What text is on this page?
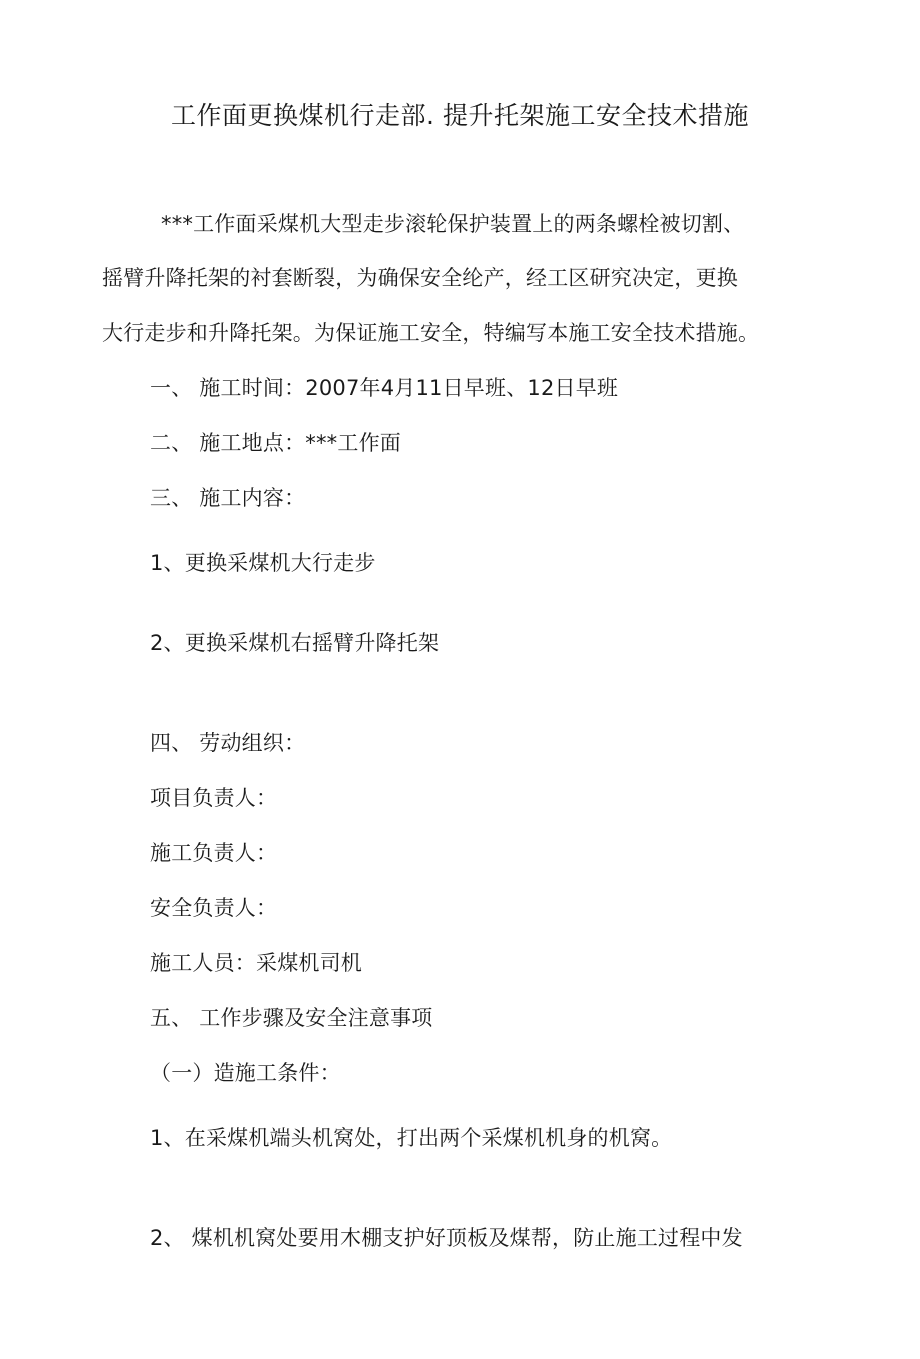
工作面更换煤机行走部. 提升托架施工安全技术措施
***工作面采煤机大型走步滚轮保护装置上的两条螺栓被切割、
摇臂升降托架的衬套断裂，为确保安全纶产，经工区研究决定，更换
大行走步和升降托架。为保证施工安全，特编写本施工安全技术措施。
一、 施工时间：2007年4月11日早班、12日早班
二、 施工地点：***工作面
三、 施工内容：
1、更换采煤机大行走步
2、更换采煤机右摇臂升降托架
四、 劳动组织：
项目负责人：
施工负责人：
安全负责人：
施工人员：采煤机司机
五、 工作步骤及安全注意事项
（一）造施工条件：
1、在采煤机端头机窝处，打出两个采煤机机身的机窝。
2、 煤机机窝处要用木棚支护好顶板及煤帮，防止施工过程中发
